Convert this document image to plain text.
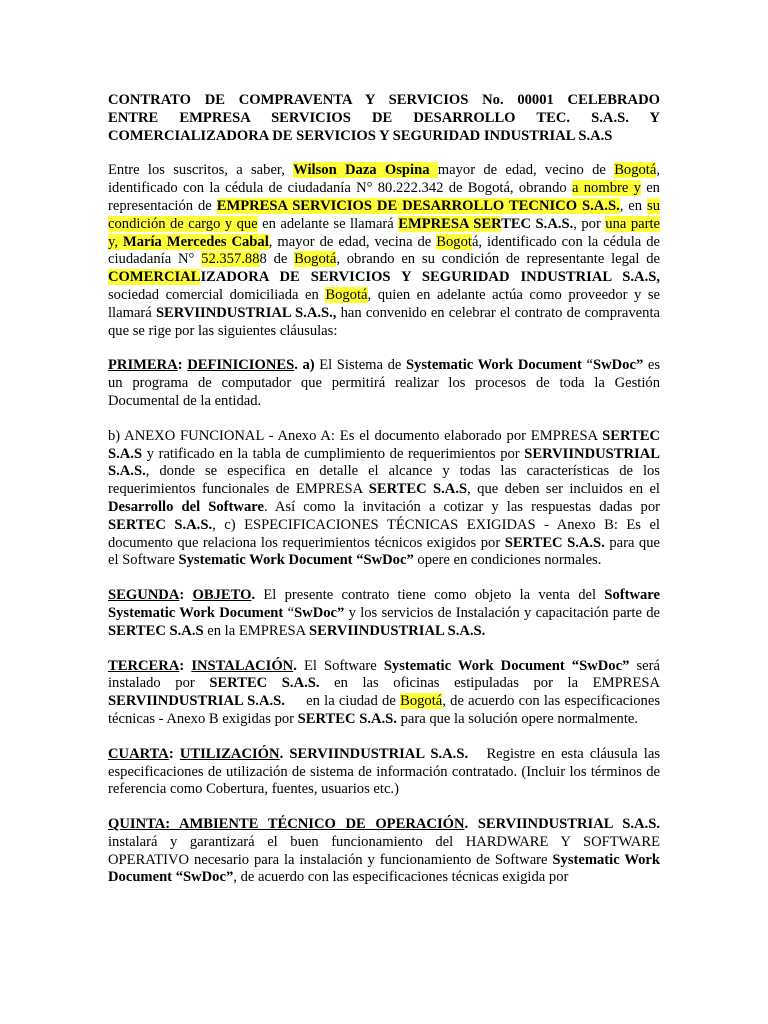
CONTRATO DE COMPRAVENTA Y SERVICIOS No. 00001 CELEBRADO
ENTRE EMPRESA SERVICIOS DE DESARROLLO TEC. S.A.S. Y
COMERCIALIZADORA DE SERVICIOS Y SEGURIDAD INDUSTRIAL S.A.S

Entre los suscritos, a saber, Wilson Daza Ospina mayor de edad, vecino de Bogotá, identificado con la cédula de ciudadanía N° 80.222.342 de Bogotá, obrando a nombre y en representación de EMPRESA SERVICIOS DE DESARROLLO TECNICO S.A.S., en su condición de cargo y que en adelante se llamará EMPRESA SERTEC S.A.S., por una parte y, María Mercedes Cabal, mayor de edad, vecina de Bogotá, identificado con la cédula de ciudadanía N° 52.357.888 de Bogotá, obrando en su condición de representante legal de COMERCIALIZADORA DE SERVICIOS Y SEGURIDAD INDUSTRIAL S.A.S, sociedad comercial domiciliada en Bogotá, quien en adelante actúa como proveedor y se llamará SERVIINDUSTRIAL S.A.S., han convenido en celebrar el contrato de compraventa que se rige por las siguientes cláusulas:

PRIMERA: DEFINICIONES. a) El Sistema de Systematic Work Document “SwDoc” es un programa de computador que permitirá realizar los procesos de toda la Gestión Documental de la entidad.

b) ANEXO FUNCIONAL - Anexo A: Es el documento elaborado por EMPRESA SERTEC S.A.S y ratificado en la tabla de cumplimiento de requerimientos por SERVIINDUSTRIAL S.A.S., donde se especifica en detalle el alcance y todas las características de los requerimientos funcionales de EMPRESA SERTEC S.A.S, que deben ser incluidos en el Desarrollo del Software. Así como la invitación a cotizar y las respuestas dadas por SERTEC S.A.S., c) ESPECIFICACIONES TÉCNICAS EXIGIDAS - Anexo B: Es el documento que relaciona los requerimientos técnicos exigidos por SERTEC S.A.S. para que el Software Systematic Work Document “SwDoc” opere en condiciones normales.

SEGUNDA: OBJETO. El presente contrato tiene como objeto la venta del Software Systematic Work Document “SwDoc” y los servicios de Instalación y capacitación parte de SERTEC S.A.S en la EMPRESA SERVIINDUSTRIAL S.A.S.

TERCERA: INSTALACIÓN. El Software Systematic Work Document “SwDoc” será instalado por SERTEC S.A.S. en las oficinas estipuladas por la EMPRESA SERVIINDUSTRIAL S.A.S.     en la ciudad de Bogotá, de acuerdo con las especificaciones técnicas - Anexo B exigidas por SERTEC S.A.S. para que la solución opere normalmente.

CUARTA: UTILIZACIÓN. SERVIINDUSTRIAL S.A.S.   Registre en esta cláusula las especificaciones de utilización de sistema de información contratado. (Incluir los términos de referencia como Cobertura, fuentes, usuarios etc.)

QUINTA: AMBIENTE TÉCNICO DE OPERACIÓN. SERVIINDUSTRIAL S.A.S. instalará y garantizará el buen funcionamiento del HARDWARE Y SOFTWARE OPERATIVO necesario para la instalación y funcionamiento de Software Systematic Work Document “SwDoc”, de acuerdo con las especificaciones técnicas exigida por
